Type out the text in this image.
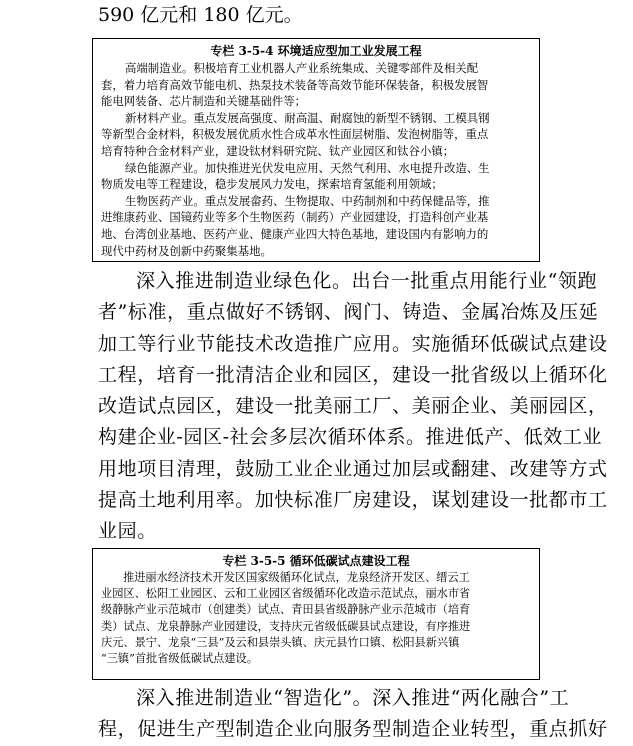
590 亿元和 180 亿元。
专栏 3-5-4 环境适应型加工业发展工程
高端制造业。积极培育工业机器人产业系统集成、关键零部件及相关配
套，着力培育高效节能电机、热泵技术装备等高效节能环保装备，积极发展智
能电网装备、芯片制造和关键基础件等；
新材料产业。重点发展高强度、耐高温、耐腐蚀的新型不锈钢、工模具钢
等新型合金材料，积极发展优质水性合成革水性面层树脂、发泡树脂等，重点
培育特种合金材料产业，建设钛材料研究院、钛产业园区和钛谷小镇；
绿色能源产业。加快推进光伏发电应用、天然气利用、水电提升改造、生
物质发电等工程建设，稳步发展风力发电，探索培育氢能利用领域；
生物医药产业。重点发展畲药、生物提取、中药制剂和中药保健品等，推
进维康药业、国镜药业等多个生物医药（制药）产业园建设，打造科创产业基
地、台湾创业基地、医药产业、健康产业四大特色基地，建设国内有影响力的
现代中药材及创新中药聚集基地。
深入推进制造业绿色化。出台一批重点用能行业“领跑
者”标准，重点做好不锈钢、阀门、铸造、金属冶炼及压延
加工等行业节能技术改造推广应用。实施循环低碳试点建设
工程，培育一批清洁企业和园区，建设一批省级以上循环化
改造试点园区，建设一批美丽工厂、美丽企业、美丽园区，
构建企业-园区-社会多层次循环体系。推进低产、低效工业
用地项目清理，鼓励工业企业通过加层或翻建、改建等方式
提高土地利用率。加快标准厂房建设，谋划建设一批都市工
业园。
专栏 3-5-5 循环低碳试点建设工程
推进丽水经济技术开发区国家级循环化试点，龙泉经济开发区、缙云工
业园区、松阳工业园区、云和工业园区省级循环化改造示范试点，丽水市省
级静脉产业示范城市（创建类）试点、青田县省级静脉产业示范城市（培育
类）试点、龙泉静脉产业园建设，支持庆元省级低碳县试点建设，有序推进
庆元、景宁、龙泉“三县”及云和县崇头镇、庆元县竹口镇、松阳县新兴镇
“三镇”首批省级低碳试点建设。
深入推进制造业“智造化”。深入推进“两化融合”工
程，促进生产型制造企业向服务型制造企业转型，重点抓好
